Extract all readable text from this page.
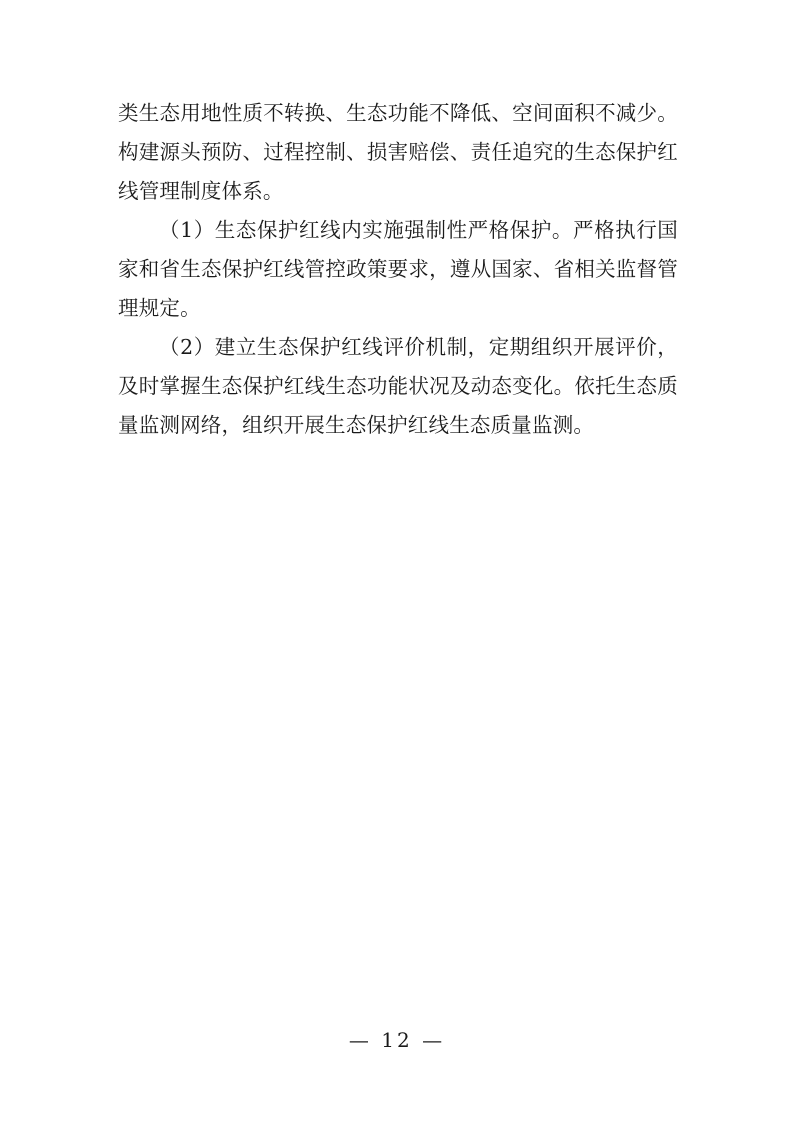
类生态用地性质不转换、生态功能不降低、空间面积不减少。构建源头预防、过程控制、损害赔偿、责任追究的生态保护红线管理制度体系。

（1）生态保护红线内实施强制性严格保护。严格执行国家和省生态保护红线管控政策要求，遵从国家、省相关监督管理规定。

（2）建立生态保护红线评价机制，定期组织开展评价，及时掌握生态保护红线生态功能状况及动态变化。依托生态质量监测网络，组织开展生态保护红线生态质量监测。

— 12 —
